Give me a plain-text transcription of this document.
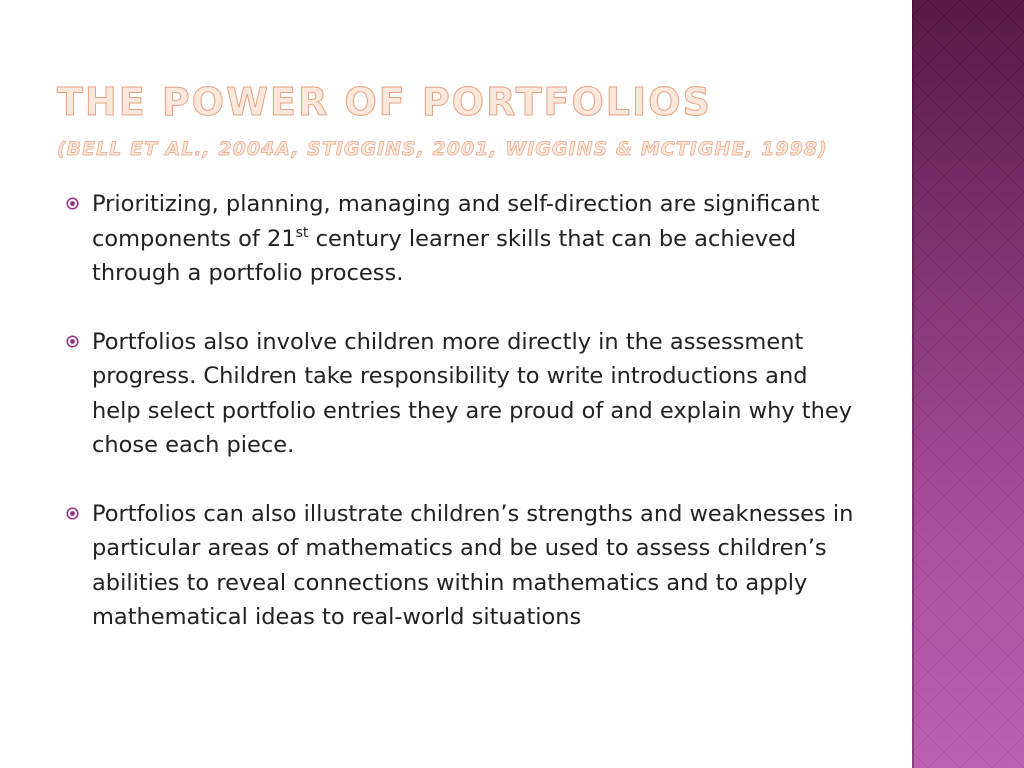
THE POWER OF PORTFOLIOS
(BELL ET AL., 2004A, STIGGINS, 2001, WIGGINS & MCTIGHE, 1998)
Prioritizing, planning, managing and self-direction are significant components of 21st century learner skills that can be achieved through a portfolio process.
Portfolios also involve children more directly in the assessment progress. Children take responsibility to write introductions and help select portfolio entries they are proud of and explain why they chose each piece.
Portfolios can also illustrate children’s strengths and weaknesses in particular areas of mathematics and be used to assess children’s abilities to reveal connections within mathematics and to apply mathematical ideas to real-world situations
